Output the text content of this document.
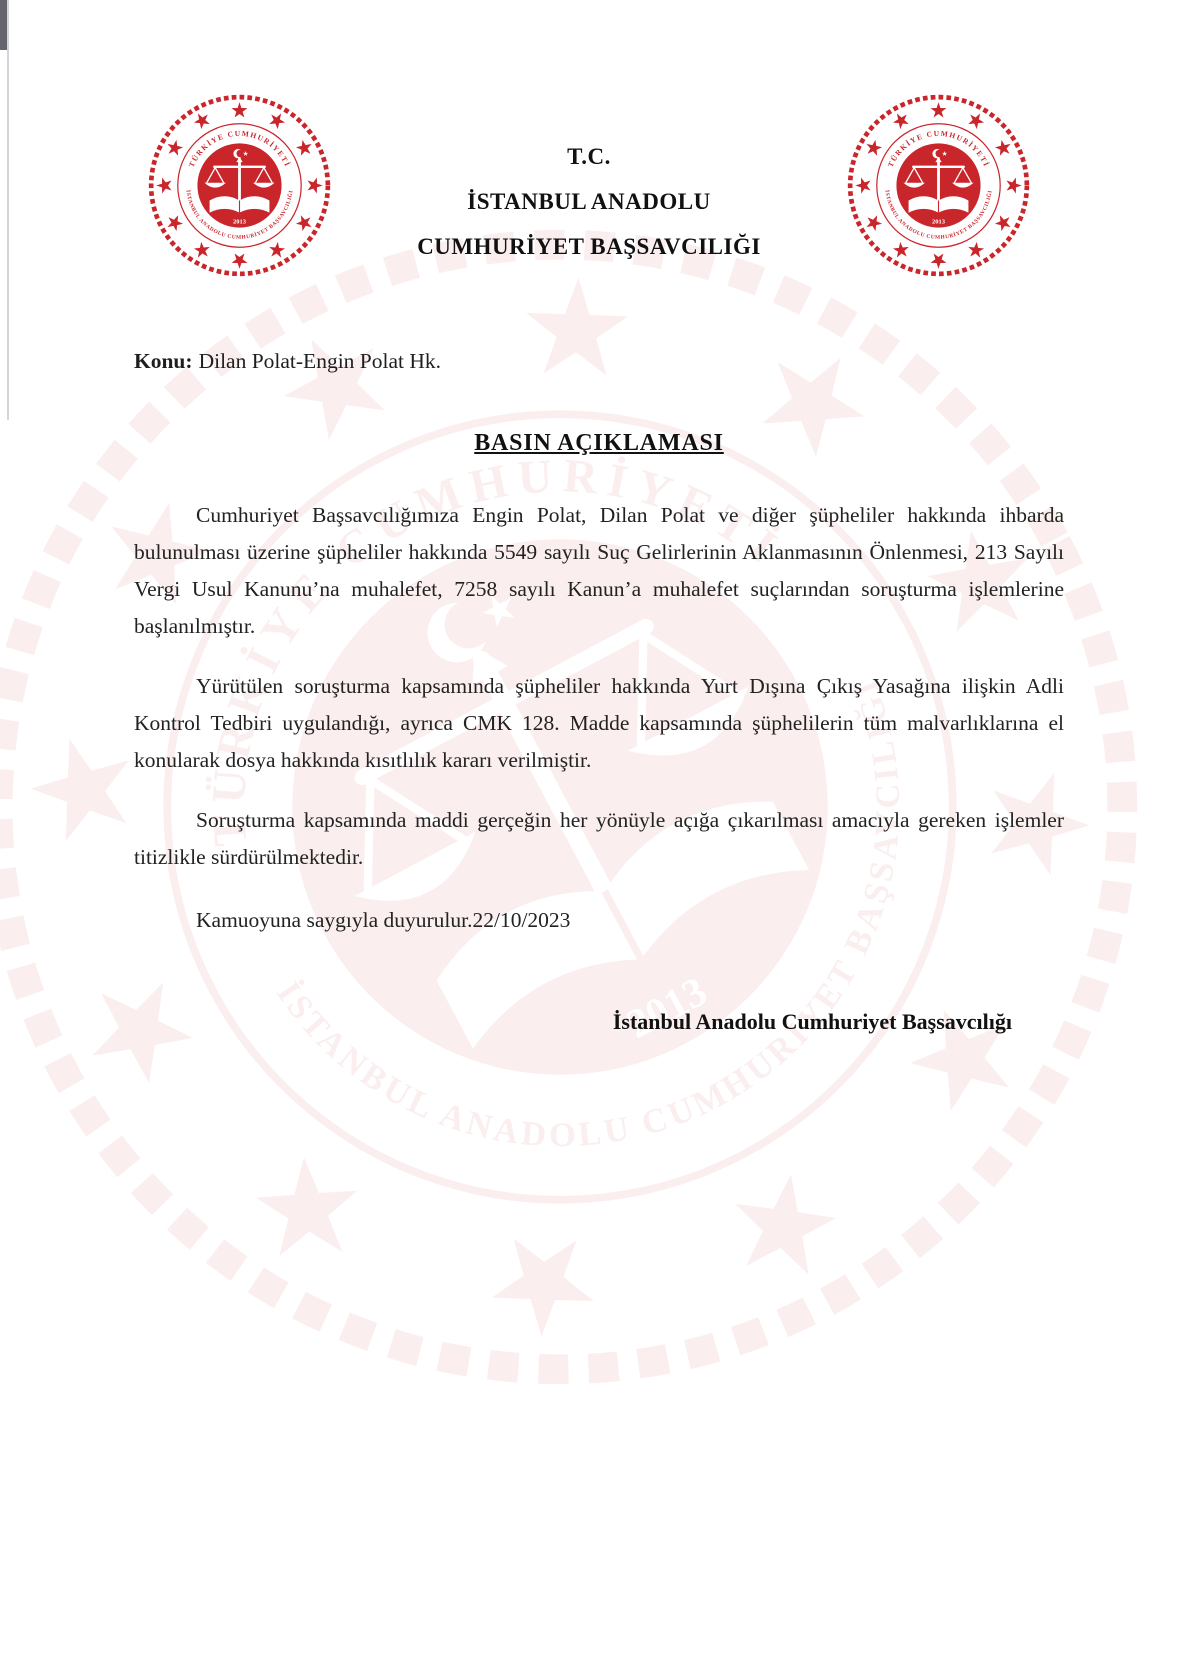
T.C.
İSTANBUL ANADOLU
CUMHURİYET BAŞSAVCILIĞI
Konu: Dilan Polat-Engin Polat Hk.
BASIN AÇIKLAMASI

Cumhuriyet Başsavcılığımıza Engin Polat, Dilan Polat ve diğer şüpheliler hakkında ihbarda bulunulması üzerine şüpheliler hakkında 5549 sayılı Suç Gelirlerinin Aklanmasının Önlenmesi, 213 Sayılı Vergi Usul Kanunu’na muhalefet, 7258 sayılı Kanun’a muhalefet suçlarından soruşturma işlemlerine başlanılmıştır.

Yürütülen soruşturma kapsamında şüpheliler hakkında Yurt Dışına Çıkış Yasağına ilişkin Adli Kontrol Tedbiri uygulandığı, ayrıca CMK 128. Madde kapsamında şüphelilerin tüm malvarlıklarına el konularak dosya hakkında kısıtlılık kararı verilmiştir.

Soruşturma kapsamında maddi gerçeğin her yönüyle açığa çıkarılması amacıyla gereken işlemler titizlikle sürdürülmektedir.

Kamuoyuna saygıyla duyurulur.22/10/2023
İstanbul Anadolu Cumhuriyet Başsavcılığı
